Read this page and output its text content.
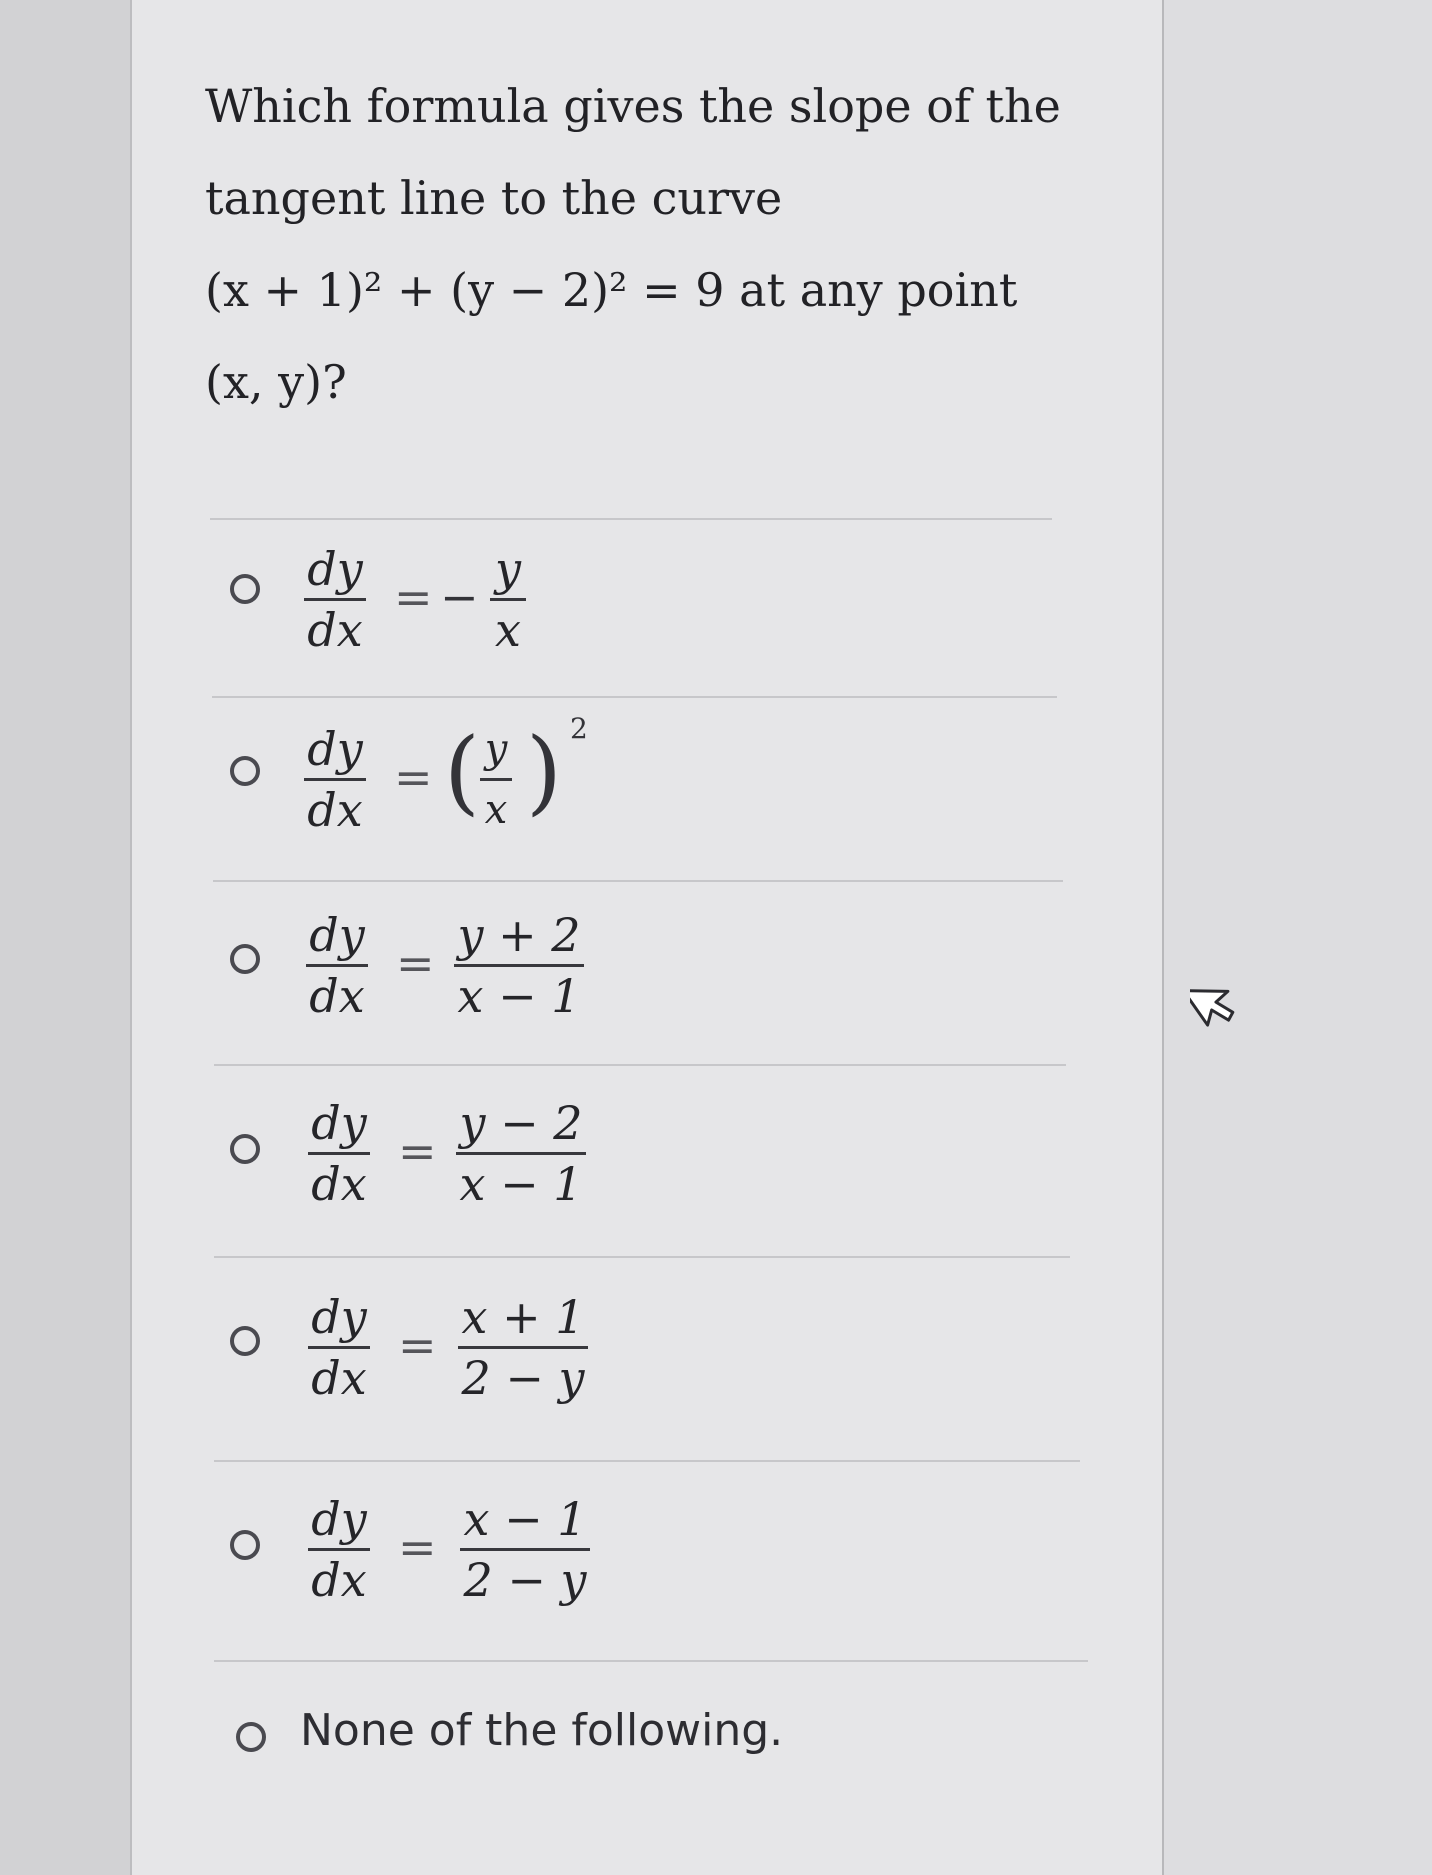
Which formula gives the slope of the
tangent line to the curve
(x + 1)² + (y − 2)² = 9 at any point
(x, y)?
dy
dx
= −
y
x
dy
dx
= ( y
x ) 2
dy
dx
=
y + 2
x − 1
dy
dx
=
y − 2
x − 1
dy
dx
=
x + 1
2 − y
dy
dx
=
x − 1
2 − y
None of the following.
